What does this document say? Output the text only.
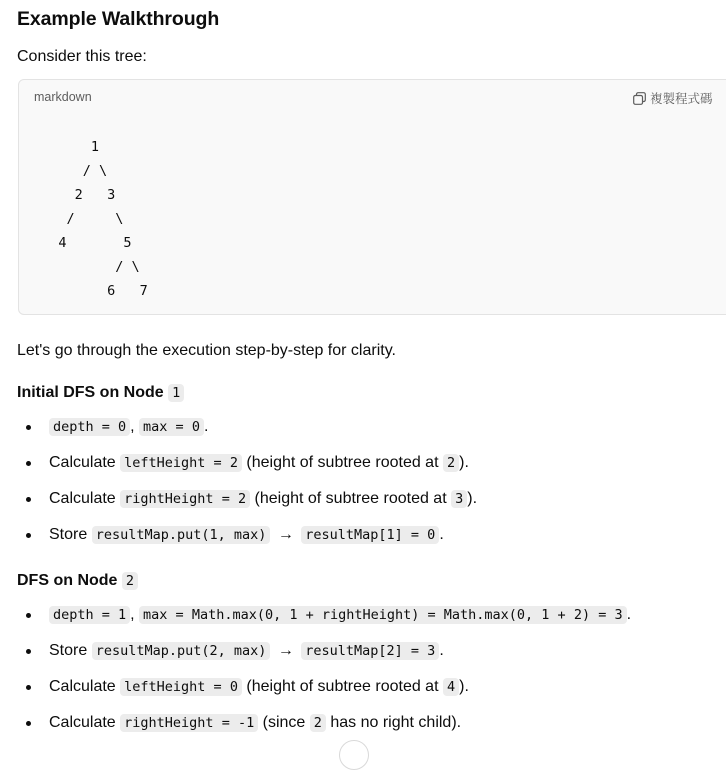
Example Walkthrough

Consider this tree:

markdown	複製程式碼
1
/ \
2   3
/     \
4       5
/ \
6   7

Let's go through the execution step-by-step for clarity.

Initial DFS on Node 1

depth = 0 , max = 0 .
Calculate leftHeight = 2 (height of subtree rooted at 2 ).
Calculate rightHeight = 2 (height of subtree rooted at 3 ).
Store resultMap.put(1, max) → resultMap[1] = 0 .

DFS on Node 2

depth = 1 , max = Math.max(0, 1 + rightHeight) = Math.max(0, 1 + 2) = 3 .
Store resultMap.put(2, max) → resultMap[2] = 3 .
Calculate leftHeight = 0 (height of subtree rooted at 4 ).
Calculate rightHeight = -1 (since 2 has no right child).
